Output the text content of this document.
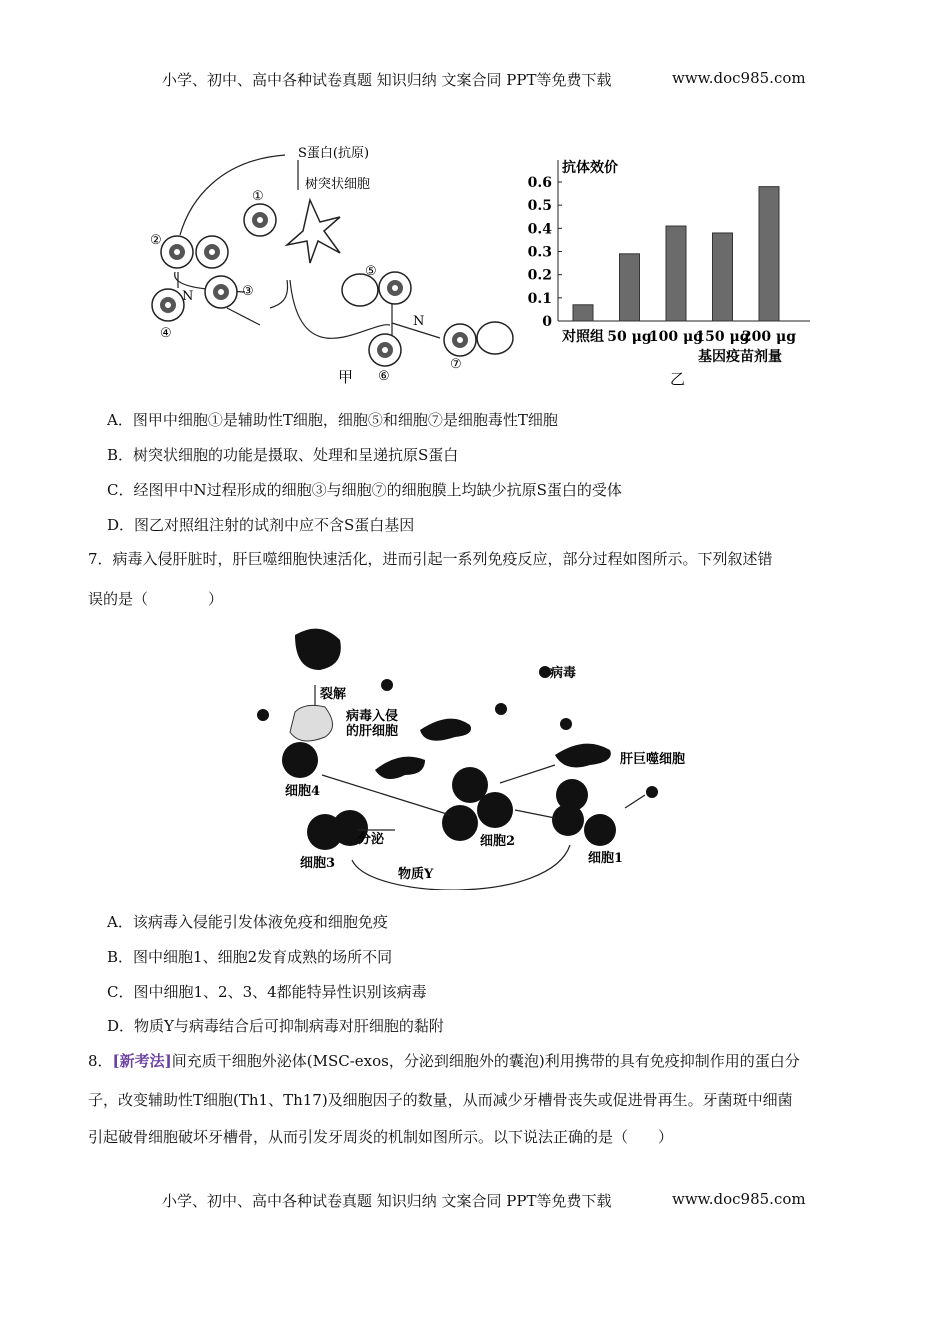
小学、初中、高中各种试卷真题 知识归纳 文案合同 PPT等免费下载	www.doc985.com
S蛋白(抗原)
树突状细胞
①
②
③
④
⑤
⑥
⑦
N
N
甲
抗体效价
0
0.1
0.2
0.3
0.4
0.5
0.6
对照组 50 μg
100 μg
150 μg
200 μg
基因疫苗剂量
乙
A．图甲中细胞①是辅助性T细胞，细胞⑤和细胞⑦是细胞毒性T细胞
B．树突状细胞的功能是摄取、处理和呈递抗原S蛋白
C．经图甲中N过程形成的细胞③与细胞⑦的细胞膜上均缺少抗原S蛋白的受体
D．图乙对照组注射的试剂中应不含S蛋白基因
7．病毒入侵肝脏时，肝巨噬细胞快速活化，进而引起一系列免疫反应，部分过程如图所示。下列叙述错
误的是（　　　　）
病毒
裂解
病毒入侵
的肝细胞
肝巨噬细胞
细胞4
细胞2
细胞1
细胞3
分泌
物质Y
A．该病毒入侵能引发体液免疫和细胞免疫
B．图中细胞1、细胞2发育成熟的场所不同
C．图中细胞1、2、3、4都能特异性识别该病毒
D．物质Y与病毒结合后可抑制病毒对肝细胞的黏附
8．[新考法]间充质干细胞外泌体(MSC-exos，分泌到细胞外的囊泡)利用携带的具有免疫抑制作用的蛋白分
子，改变辅助性T细胞(Th1、Th17)及细胞因子的数量，从而减少牙槽骨丧失或促进骨再生。牙菌斑中细菌
引起破骨细胞破坏牙槽骨，从而引发牙周炎的机制如图所示。以下说法正确的是（　　）
小学、初中、高中各种试卷真题 知识归纳 文案合同 PPT等免费下载	www.doc985.com
